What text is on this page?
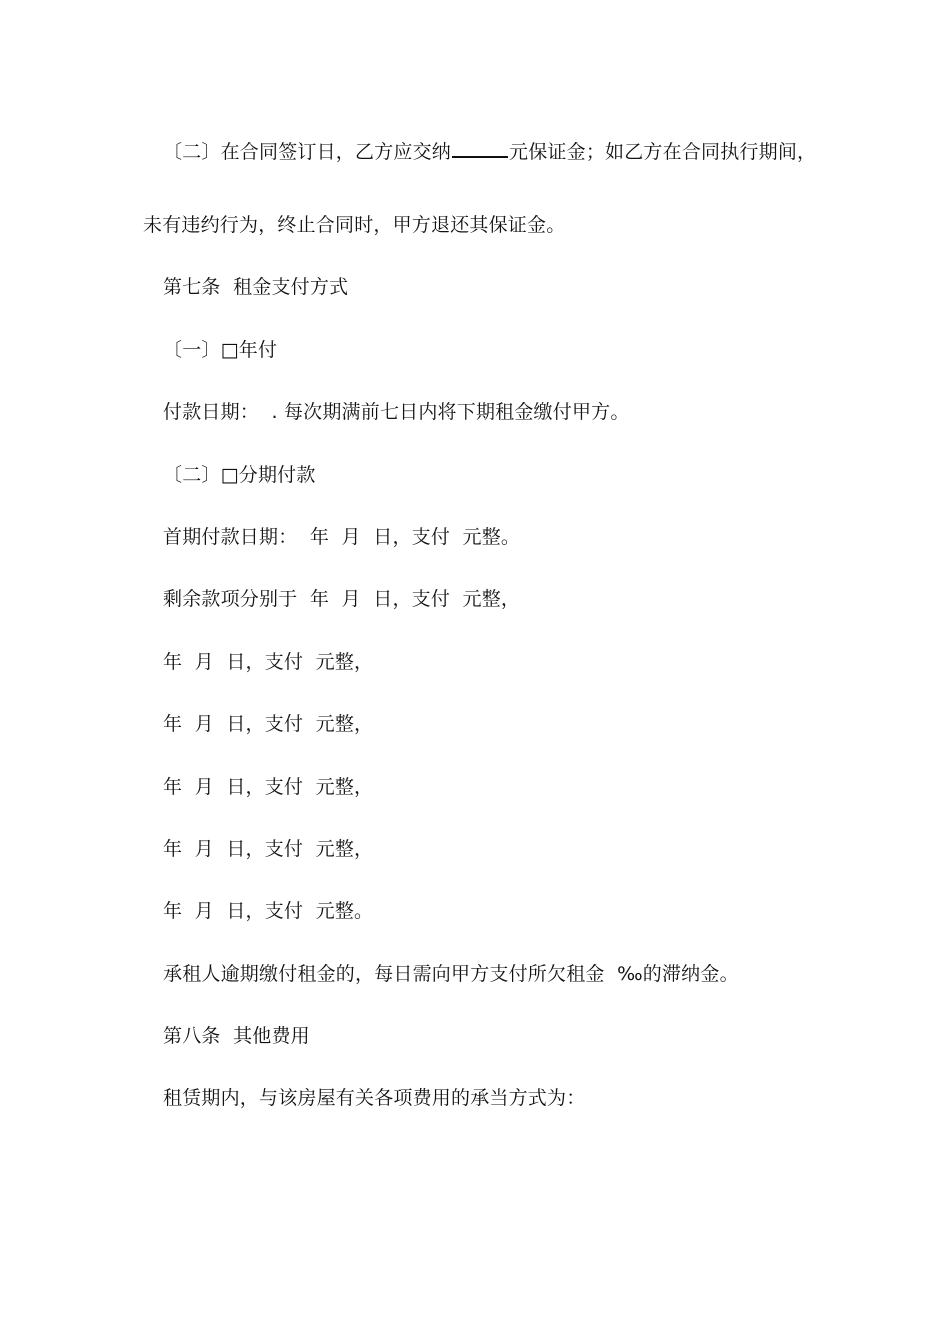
〔二〕在合同签订日，乙方应交纳	元保证金；如乙方在合同执行期间，
未有违约行为，终止合同时，甲方退还其保证金。
第七条  租金支付方式
〔一〕□年付
付款日期：  . 每次期满前七日内将下期租金缴付甲方。
〔二〕□分期付款
首期付款日期：  年  月  日，支付  元整。
剩余款项分别于  年  月  日，支付  元整，
年  月  日，支付  元整，
年  月  日，支付  元整，
年  月  日，支付  元整，
年  月  日，支付  元整，
年  月  日，支付  元整。
承租人逾期缴付租金的，每日需向甲方支付所欠租金  ‰的滞纳金。
第八条  其他费用
租赁期内，与该房屋有关各项费用的承当方式为：
